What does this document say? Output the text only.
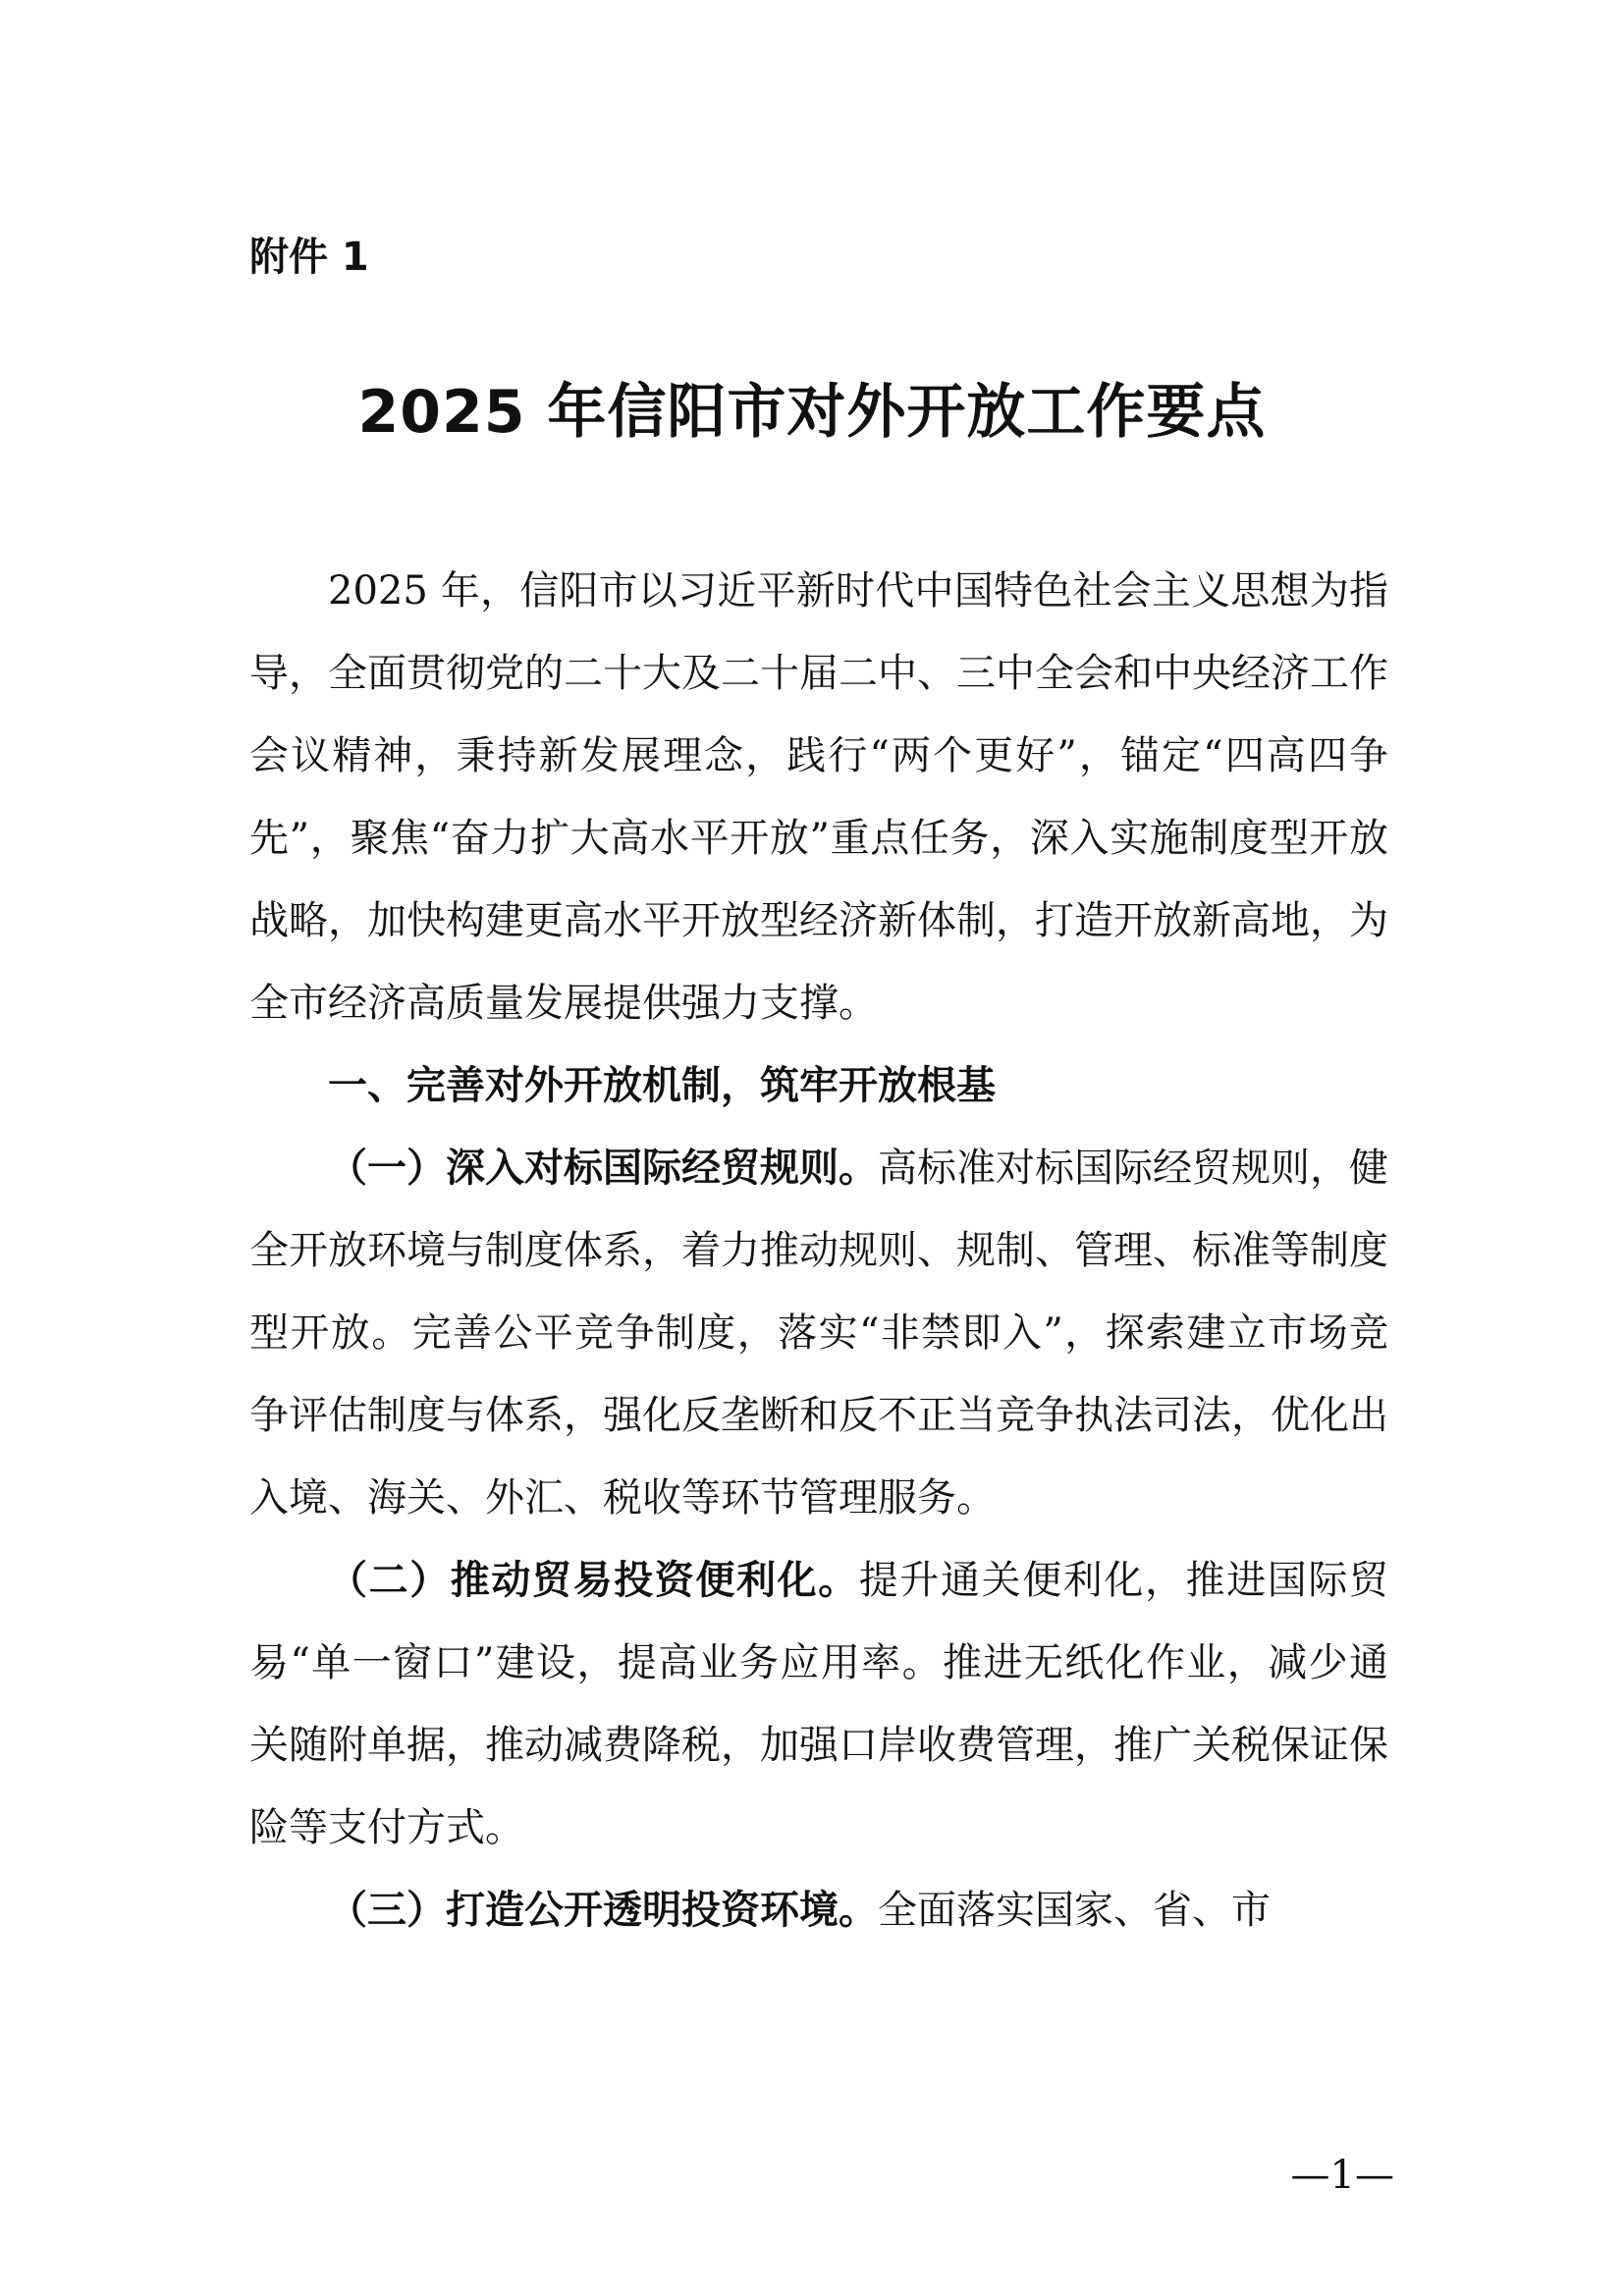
附件 1
2025 年信阳市对外开放工作要点

2025 年，信阳市以习近平新时代中国特色社会主义思想为指导，全面贯彻党的二十大及二十届二中、三中全会和中央经济工作会议精神，秉持新发展理念，践行“两个更好”，锚定“四高四争先”，聚焦“奋力扩大高水平开放”重点任务，深入实施制度型开放战略，加快构建更高水平开放型经济新体制，打造开放新高地，为全市经济高质量发展提供强力支撑。

一、完善对外开放机制，筑牢开放根基

（一）深入对标国际经贸规则。高标准对标国际经贸规则，健全开放环境与制度体系，着力推动规则、规制、管理、标准等制度型开放。完善公平竞争制度，落实“非禁即入”，探索建立市场竞争评估制度与体系，强化反垄断和反不正当竞争执法司法，优化出入境、海关、外汇、税收等环节管理服务。

（二）推动贸易投资便利化。提升通关便利化，推进国际贸易“单一窗口”建设，提高业务应用率。推进无纸化作业，减少通关随附单据，推动减费降税，加强口岸收费管理，推广关税保证保险等支付方式。

（三）打造公开透明投资环境。全面落实国家、省、市

—1—
